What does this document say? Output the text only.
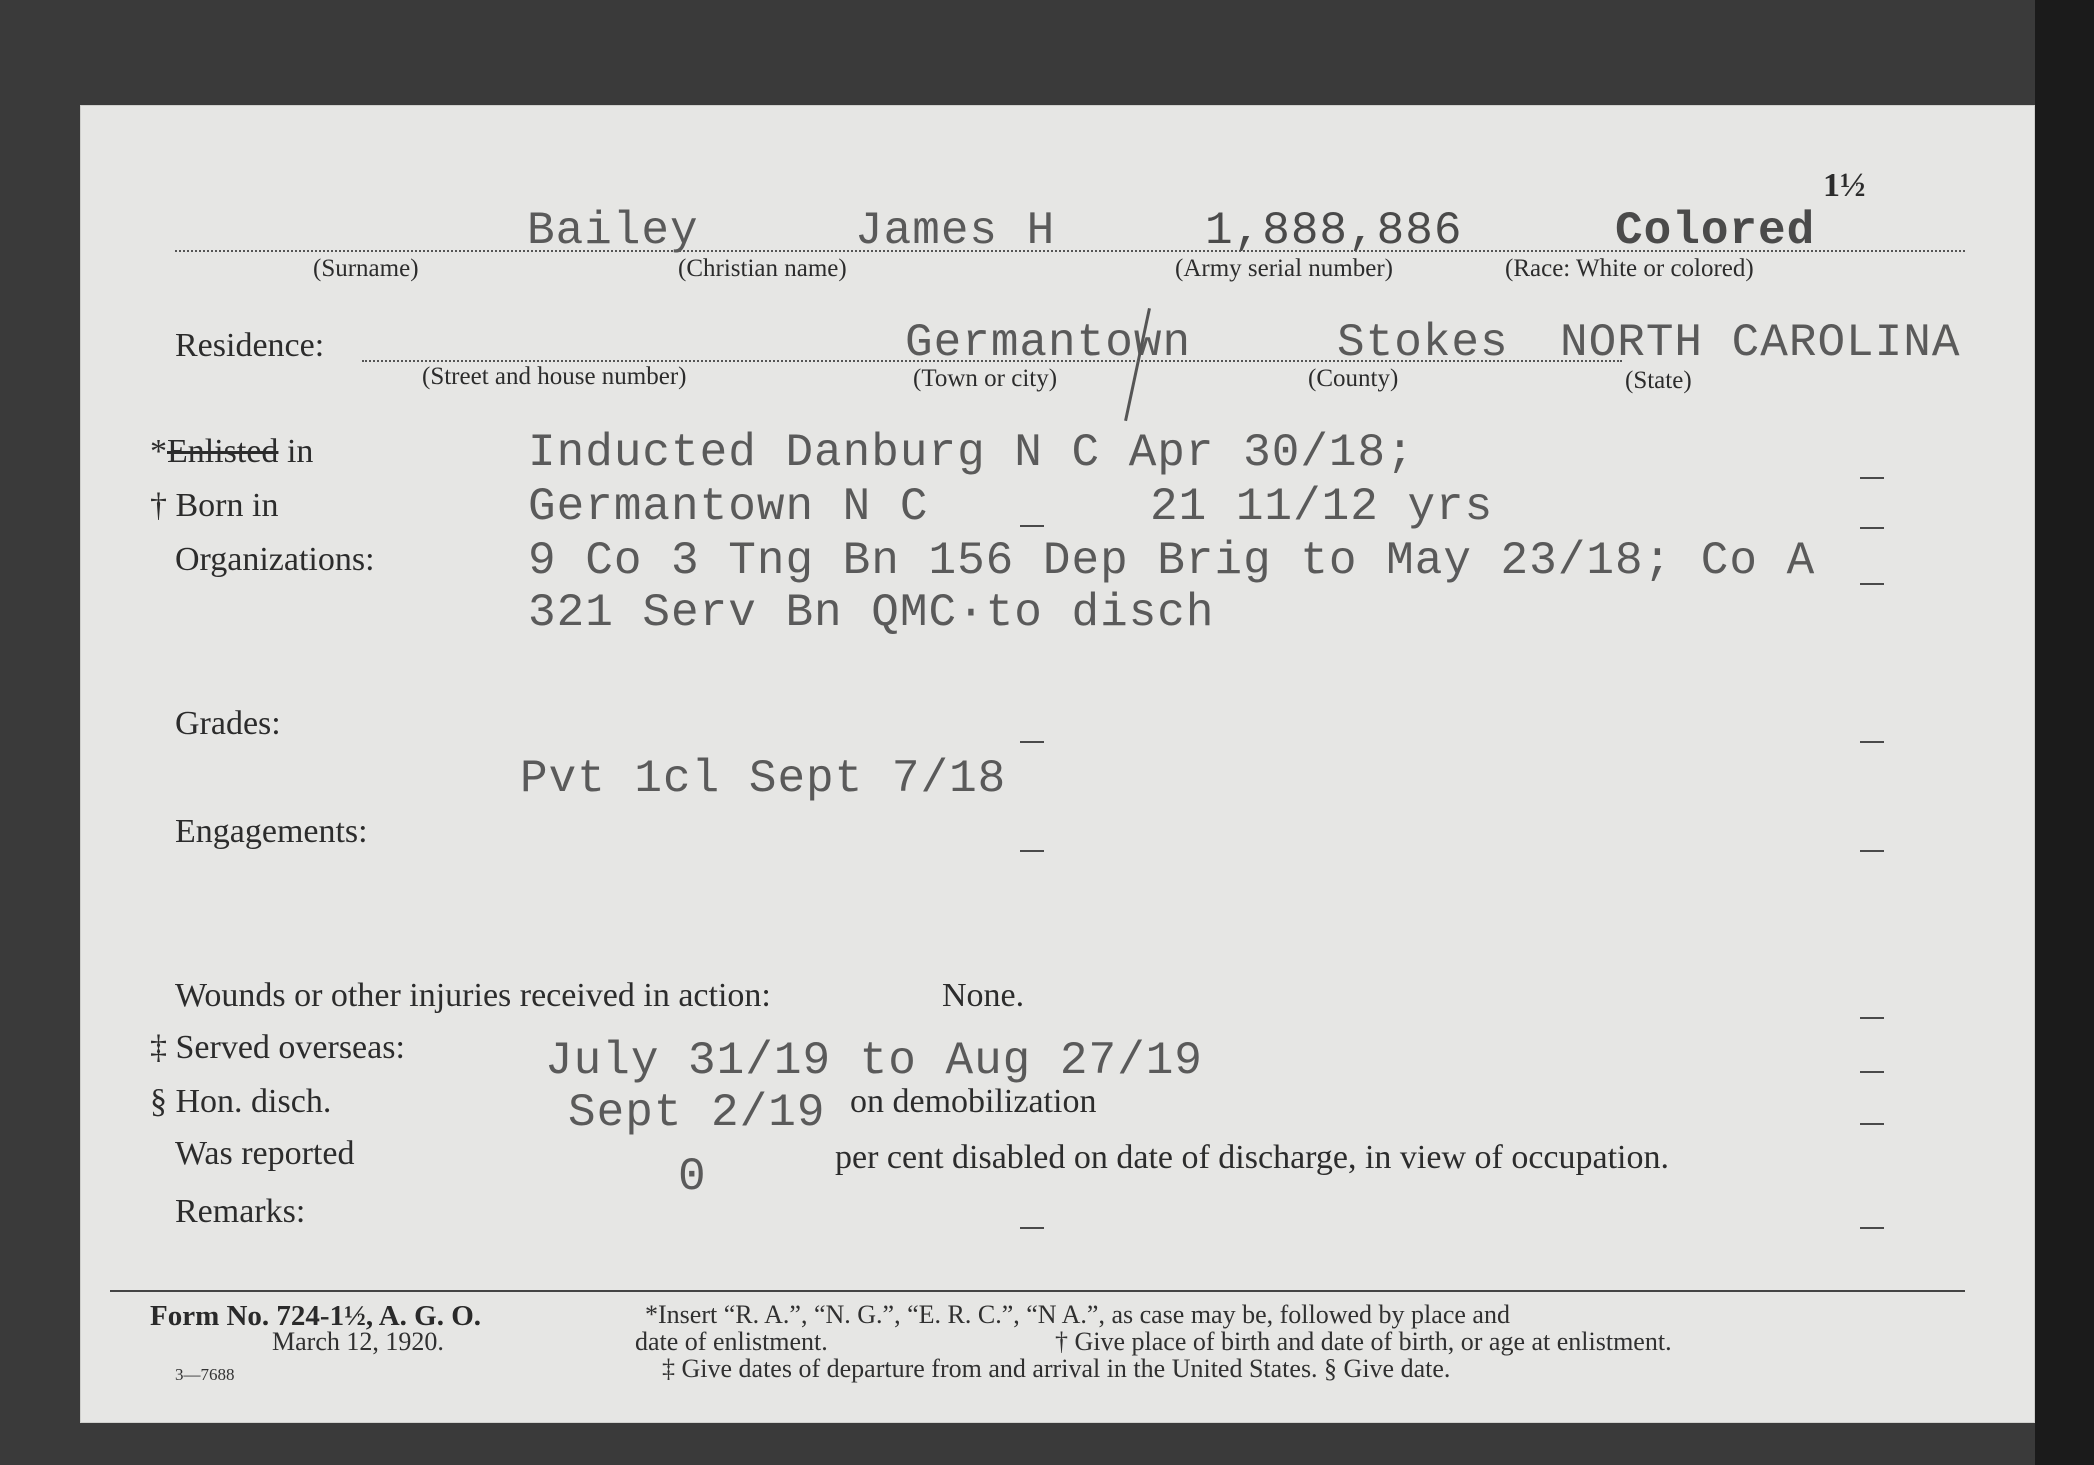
1½
Bailey	James H	1,888,886	Colored
(Surname)	(Christian name)	(Army serial number)	(Race: White or colored)
Residence:	Germantown	Stokes NORTH CAROLINA
(Street and house number)	(Town or city)	(County)	(State)
*Enlisted in	Inducted Danburg N C Apr 30/18;
† Born in	Germantown N C	21 11/12 yrs
Organizations:	9 Co 3 Tng Bn 156 Dep Brig to May 23/18; Co A
321 Serv Bn QMC·to disch
Grades:
Pvt 1cl Sept 7/18
Engagements:
Wounds or other injuries received in action:	None.
‡ Served overseas:	July 31/19 to Aug 27/19
§ Hon. disch.	Sept 2/19 on demobilization
Was reported	0	per cent disabled on date of discharge, in view of occupation.
Remarks:
Form No. 724-1½, A. G. O.
March 12, 1920.
3—7688
*Insert “R. A.”, “N. G.”, “E. R. C.”, “N A.”, as case may be, followed by place and
date of enlistment.	† Give place of birth and date of birth, or age at enlistment.
‡ Give dates of departure from and arrival in the United States. § Give date.
